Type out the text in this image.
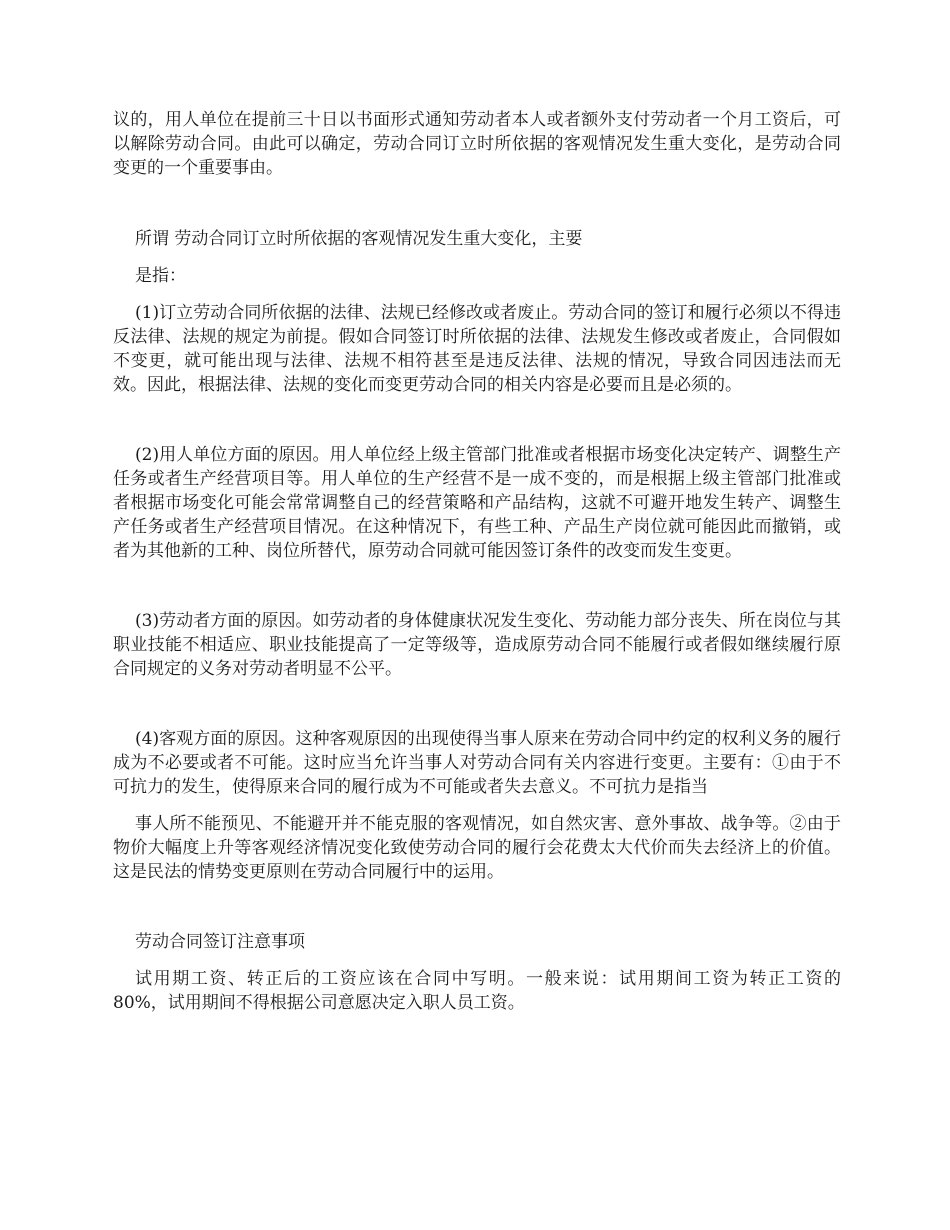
议的，用人单位在提前三十日以书面形式通知劳动者本人或者额外支付劳动者一个月工资后，可以解除劳动合同。由此可以确定，劳动合同订立时所依据的客观情况发生重大变化，是劳动合同变更的一个重要事由。

所谓 劳动合同订立时所依据的客观情况发生重大变化，主要

是指：

(1)订立劳动合同所依据的法律、法规已经修改或者废止。劳动合同的签订和履行必须以不得违反法律、法规的规定为前提。假如合同签订时所依据的法律、法规发生修改或者废止，合同假如不变更，就可能出现与法律、法规不相符甚至是违反法律、法规的情况，导致合同因违法而无效。因此，根据法律、法规的变化而变更劳动合同的相关内容是必要而且是必须的。

(2)用人单位方面的原因。用人单位经上级主管部门批准或者根据市场变化决定转产、调整生产任务或者生产经营项目等。用人单位的生产经营不是一成不变的，而是根据上级主管部门批准或者根据市场变化可能会常常调整自己的经营策略和产品结构，这就不可避开地发生转产、调整生产任务或者生产经营项目情况。在这种情况下，有些工种、产品生产岗位就可能因此而撤销，或者为其他新的工种、岗位所替代，原劳动合同就可能因签订条件的改变而发生变更。

(3)劳动者方面的原因。如劳动者的身体健康状况发生变化、劳动能力部分丧失、所在岗位与其职业技能不相适应、职业技能提高了一定等级等，造成原劳动合同不能履行或者假如继续履行原合同规定的义务对劳动者明显不公平。

(4)客观方面的原因。这种客观原因的出现使得当事人原来在劳动合同中约定的权利义务的履行成为不必要或者不可能。这时应当允许当事人对劳动合同有关内容进行变更。主要有：①由于不可抗力的发生，使得原来合同的履行成为不可能或者失去意义。不可抗力是指当

事人所不能预见、不能避开并不能克服的客观情况，如自然灾害、意外事故、战争等。②由于物价大幅度上升等客观经济情况变化致使劳动合同的履行会花费太大代价而失去经济上的价值。这是民法的情势变更原则在劳动合同履行中的运用。

劳动合同签订注意事项

试用期工资、转正后的工资应该在合同中写明。一般来说：试用期间工资为转正工资的 80%，试用期间不得根据公司意愿决定入职人员工资。
